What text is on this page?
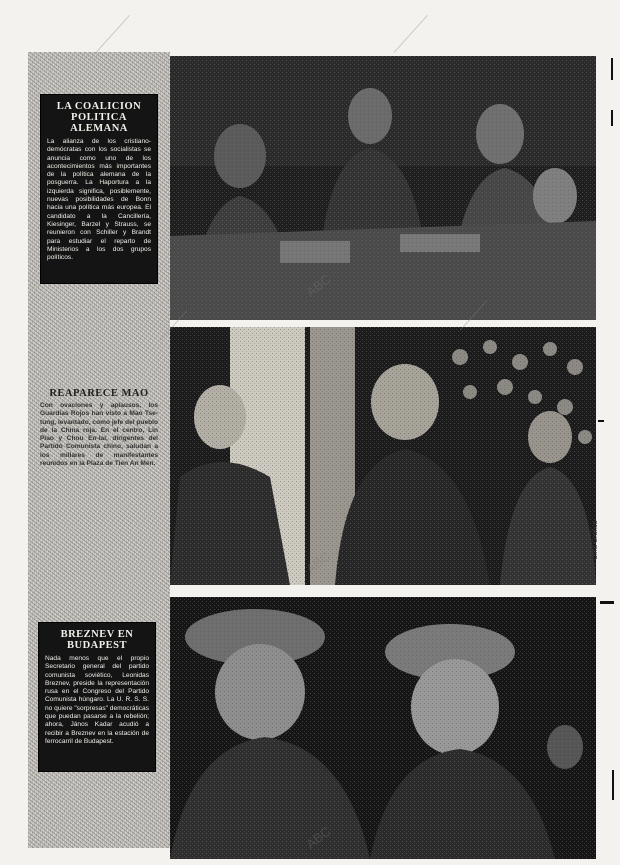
LA COALICION POLITICA ALEMANA

La alianza de los cristiano-demócratas con los socialistas se anuncia como uno de los acontecimientos más importantes de la política alemana de la posguerra. La Haportura a la izquierda significa, posiblemente, nuevas posibilidades de Bonn hacia una política más europea. El candidato a la Cancillería, Kiesinger, Barzel y Strauss, se reunieron con Schiller y Brandt para estudiar el reparto de Ministerios a los dos grupos políticos.

REAPARECE MAO

Con ovaciones y aplausos, los Guardias Rojos han visto a Mao Tse-tung, levantado, como jefe del pueblo de la China roja. En el centro, Lin Piao y Chou En-lai, dirigentes del Partido Comunista chino, saludan a los millares de manifestantes reunidos en la Plaza de Tien An Men.

BREZNEV EN BUDAPEST

Nada menos que el propio Secretario general del partido comunista soviético, Leonidas Breznev, preside la representación rusa en el Congreso del Partido Comunista húngaro. La U. R. S. S. no quiere "sorpresas" democráticas que puedan pasarse a la rebelión; ahora, János Kadar acudió a recibir a Breznev en la estación de ferrocarril de Budapest.

Cifra Gráfica
ABC
ABC
ABC
